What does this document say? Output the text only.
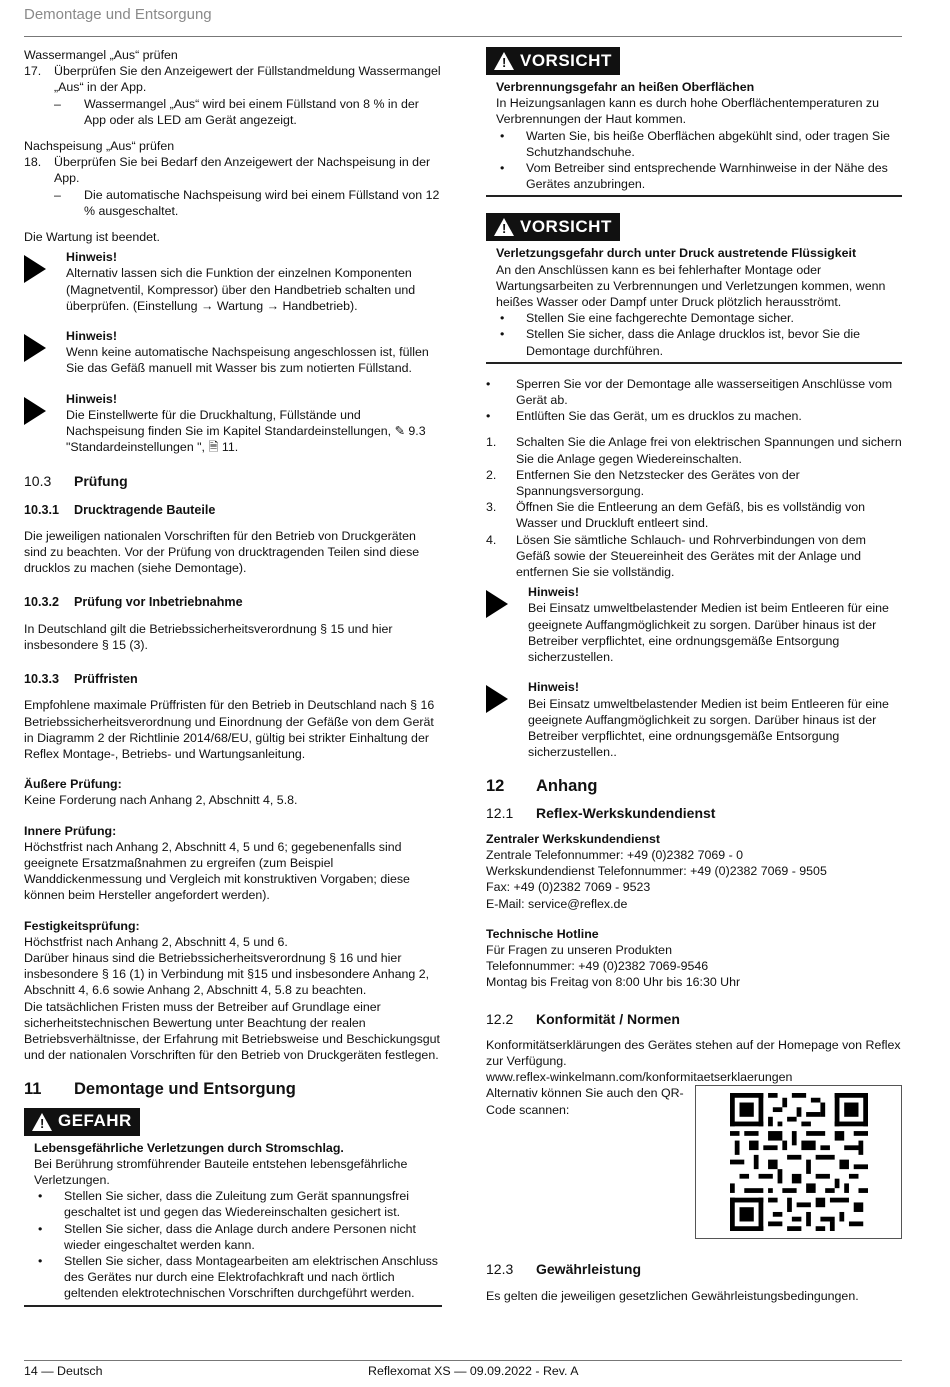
Demontage und Entsorgung

Wassermangel „Aus“ prüfen

17.	Überprüfen Sie den Anzeigewert der Füllstandmeldung Wassermangel „Aus“ in der App.
–	Wassermangel „Aus“ wird bei einem Füllstand von 8 % in der App oder als LED am Gerät angezeigt.

Nachspeisung „Aus“ prüfen

18.	Überprüfen Sie bei Bedarf den Anzeigewert der Nachspeisung in der App.
–	Die automatische Nachspeisung wird bei einem Füllstand von 12 % ausgeschaltet.

Die Wartung ist beendet.

Hinweis!
Alternativ lassen sich die Funktion der einzelnen Komponenten (Magnetventil, Kompressor) über den Handbetrieb schalten und überprüfen. (Einstellung → Wartung → Handbetrieb).
Hinweis!
Wenn keine automatische Nachspeisung angeschlossen ist, füllen Sie das Gefäß manuell mit Wasser bis zum notierten Füllstand.
Hinweis!
Die Einstellwerte für die Druckhaltung, Füllstände und Nachspeisung finden Sie im Kapitel Standardeinstellungen, ✎ 9.3 "Standardeinstellungen ", 🗎 11.
10.3	Prüfung
10.3.1	Drucktragende Bauteile

Die jeweiligen nationalen Vorschriften für den Betrieb von Druckgeräten sind zu beachten. Vor der Prüfung von drucktragenden Teilen sind diese drucklos zu machen (siehe Demontage).

10.3.2	Prüfung vor Inbetriebnahme

In Deutschland gilt die Betriebssicherheitsverordnung § 15 und hier insbesondere § 15 (3).

10.3.3	Prüffristen

Empfohlene maximale Prüffristen für den Betrieb in Deutschland nach § 16 Betriebssicherheitsverordnung und Einordnung der Gefäße von dem Gerät in Diagramm 2 der Richtlinie 2014/68/EU, gültig bei strikter Einhaltung der Reflex Montage-, Betriebs- und Wartungsanleitung.

Äußere Prüfung:

Keine Forderung nach Anhang 2, Abschnitt 4, 5.8.

Innere Prüfung:

Höchstfrist nach Anhang 2, Abschnitt 4, 5 und 6; gegebenenfalls sind geeignete Ersatzmaßnahmen zu ergreifen (zum Beispiel Wanddickenmessung und Vergleich mit konstruktiven Vorgaben; diese können beim Hersteller angefordert werden).

Festigkeitsprüfung:

Höchstfrist nach Anhang 2, Abschnitt 4, 5 und 6.

Darüber hinaus sind die Betriebssicherheitsverordnung § 16 und hier insbesondere § 16 (1) in Verbindung mit §15 und insbesondere Anhang 2, Abschnitt 4, 6.6 sowie Anhang 2, Abschnitt 4, 5.8 zu beachten.

Die tatsächlichen Fristen muss der Betreiber auf Grundlage einer sicherheitstechnischen Bewertung unter Beachtung der realen Betriebsverhältnisse, der Erfahrung mit Betriebsweise und Beschickungsgut und der nationalen Vorschriften für den Betrieb von Druckgeräten festlegen.

11	Demontage und Entsorgung
! GEFAHR
Lebensgefährliche Verletzungen durch Stromschlag.
Bei Berührung stromführender Bauteile entstehen lebensgefährliche Verletzungen.
•	Stellen Sie sicher, dass die Zuleitung zum Gerät spannungsfrei geschaltet ist und gegen das Wiedereinschalten gesichert ist.
•	Stellen Sie sicher, dass die Anlage durch andere Personen nicht wieder eingeschaltet werden kann.
•	Stellen Sie sicher, dass Montagearbeiten am elektrischen Anschluss des Gerätes nur durch eine Elektrofachkraft und nach örtlich geltenden elektrotechnischen Vorschriften durchgeführt werden.
! VORSICHT
Verbrennungsgefahr an heißen Oberflächen
In Heizungsanlagen kann es durch hohe Oberflächentemperaturen zu Verbrennungen der Haut kommen.
•	Warten Sie, bis heiße Oberflächen abgekühlt sind, oder tragen Sie Schutzhandschuhe.
•	Vom Betreiber sind entsprechende Warnhinweise in der Nähe des Gerätes anzubringen.
! VORSICHT
Verletzungsgefahr durch unter Druck austretende Flüssigkeit
An den Anschlüssen kann es bei fehlerhafter Montage oder Wartungsarbeiten zu Verbrennungen und Verletzungen kommen, wenn heißes Wasser oder Dampf unter Druck plötzlich herausströmt.
•	Stellen Sie eine fachgerechte Demontage sicher.
•	Stellen Sie sicher, dass die Anlage drucklos ist, bevor Sie die Demontage durchführen.
•	Sperren Sie vor der Demontage alle wasserseitigen Anschlüsse vom Gerät ab.
•	Entlüften Sie das Gerät, um es drucklos zu machen.
1.	Schalten Sie die Anlage frei von elektrischen Spannungen und sichern Sie die Anlage gegen Wiedereinschalten.
2.	Entfernen Sie den Netzstecker des Gerätes von der Spannungsversorgung.
3.	Öffnen Sie die Entleerung an dem Gefäß, bis es vollständig von Wasser und Druckluft entleert sind.
4.	Lösen Sie sämtliche Schlauch- und Rohrverbindungen von dem Gefäß sowie der Steuereinheit des Gerätes mit der Anlage und entfernen Sie sie vollständig.
Hinweis!
Bei Einsatz umweltbelastender Medien ist beim Entleeren für eine geeignete Auffangmöglichkeit zu sorgen. Darüber hinaus ist der Betreiber verpflichtet, eine ordnungsgemäße Entsorgung sicherzustellen.
Hinweis!
Bei Einsatz umweltbelastender Medien ist beim Entleeren für eine geeignete Auffangmöglichkeit zu sorgen. Darüber hinaus ist der Betreiber verpflichtet, eine ordnungsgemäße Entsorgung sicherzustellen..
12	Anhang
12.1	Reflex-Werkskundendienst

Zentraler Werkskundendienst

Zentrale Telefonnummer: +49 (0)2382 7069 - 0

Werkskundendienst Telefonnummer: +49 (0)2382 7069 - 9505

Fax: +49 (0)2382 7069 - 9523

E-Mail: service@reflex.de

Technische Hotline

Für Fragen zu unseren Produkten

Telefonnummer: +49 (0)2382 7069-9546

Montag bis Freitag von 8:00 Uhr bis 16:30 Uhr

12.2	Konformität / Normen

Konformitätserklärungen des Gerätes stehen auf der Homepage von Reflex zur Verfügung.

www.reflex-winkelmann.com/konformitaetserklaerungen

Alternativ können Sie auch den QR-Code scannen:
12.3	Gewährleistung

Es gelten die jeweiligen gesetzlichen Gewährleistungsbedingungen.

14 — Deutsch	Reflexomat XS — 09.09.2022 - Rev. A
